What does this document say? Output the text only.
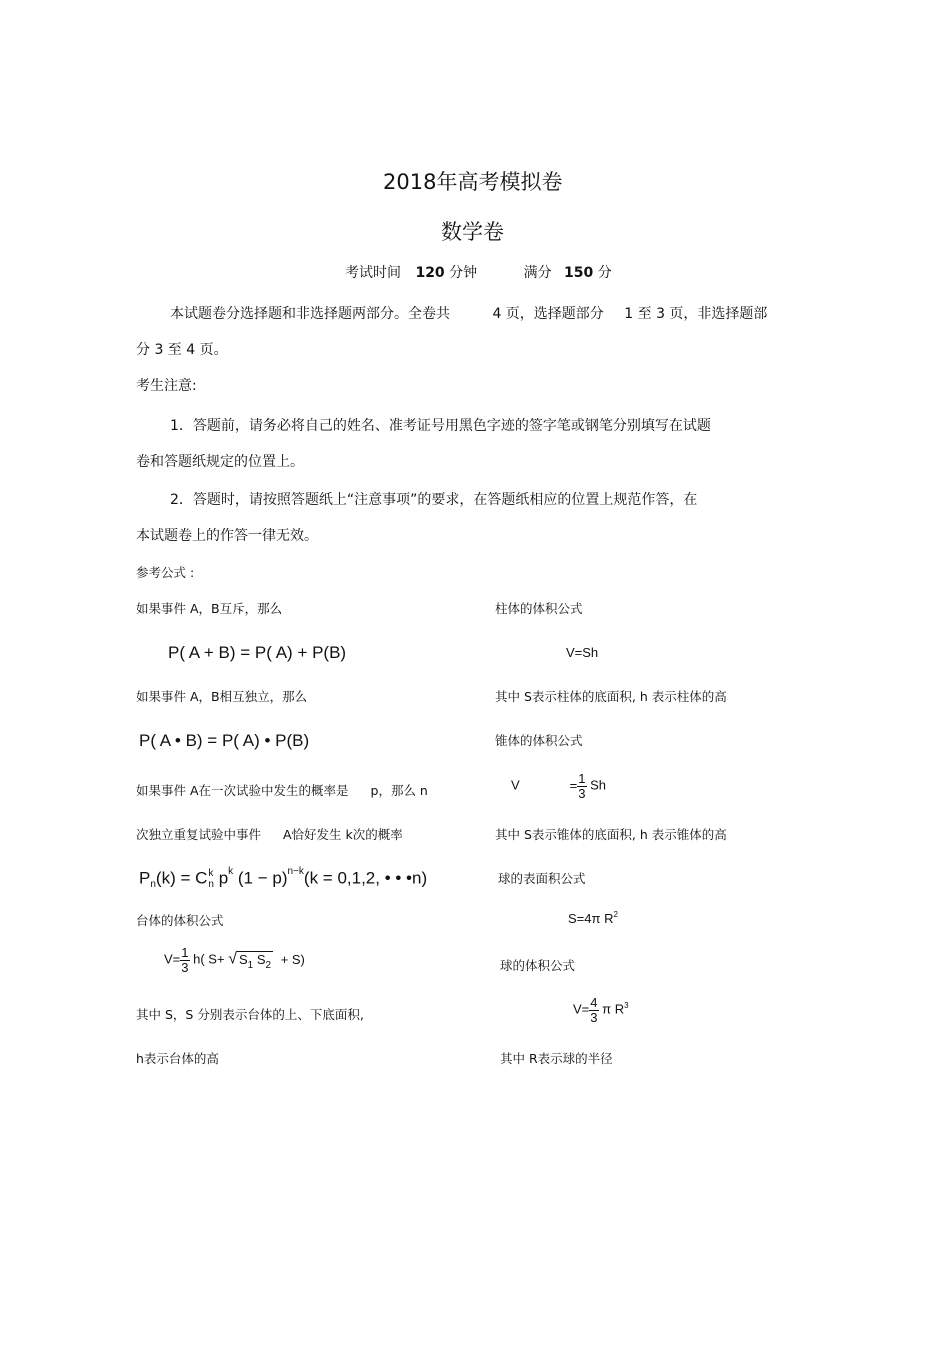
2018年高考模拟卷
数学卷
考试时间 120 分钟	满分 150 分
本试题卷分选择题和非选择题两部分。全卷共	4 页，选择题部分 1 至 3 页，非选择题部
分 3 至 4 页。
考生注意:
1．答题前，请务必将自己的姓名、准考证号用黑色字迹的签字笔或钢笔分别填写在试题
卷和答题纸规定的位置上。
2．答题时，请按照答题纸上“注意事项”的要求，在答题纸相应的位置上规范作答，在
本试题卷上的作答一律无效。
参考公式 :
如果事件 A，B互斥，那么
P( A + B) = P( A) + P(B)
如果事件 A，B相互独立，那么
P( A • B) = P( A) • P(B)
如果事件 A在一次试验中发生的概率是 p，那么 n
次独立重复试验中事件 A恰好发生 k次的概率
$P_n(k) = C$ k
n $p^k$ $(1 - p)^{n-k}(k = 0,1,2$, • • •n)
台体的体积公式
$V= \frac{1}{3} h$( S+ √ $S_1$ $S_2 + S$)
其中 S，S 分别表示台体的上、下底面积,
h表示台体的高
柱体的体积公式
V=Sh
其中 S表示柱体的底面积, h 表示柱体的高
锥体的体积公式
V	= $\frac{1}{3}$ Sh
其中 S表示锥体的底面积, h 表示锥体的高
球的表面积公式
S=4π $R^2$
球的体积公式
$V= \frac{4}{3}$ π $R^3$
其中 R表示球的半径
